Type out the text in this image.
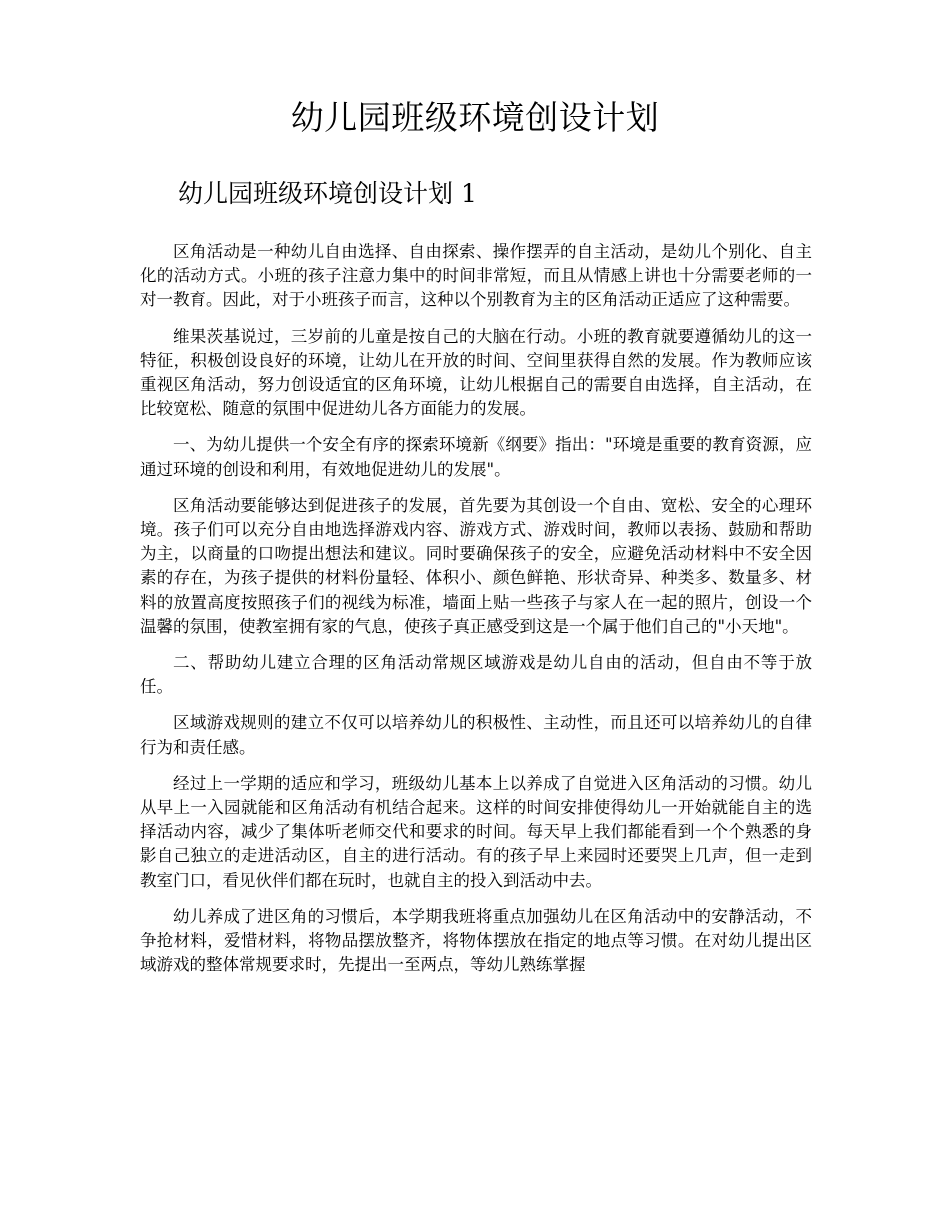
幼儿园班级环境创设计划
幼儿园班级环境创设计划 1

区角活动是一种幼儿自由选择、自由探索、操作摆弄的自主活动，是幼儿个别化、自主化的活动方式。小班的孩子注意力集中的时间非常短，而且从情感上讲也十分需要老师的一对一教育。因此，对于小班孩子而言，这种以个别教育为主的区角活动正适应了这种需要。

维果茨基说过，三岁前的儿童是按自己的大脑在行动。小班的教育就要遵循幼儿的这一特征，积极创设良好的环境，让幼儿在开放的时间、空间里获得自然的发展。作为教师应该重视区角活动，努力创设适宜的区角环境，让幼儿根据自己的需要自由选择，自主活动，在比较宽松、随意的氛围中促进幼儿各方面能力的发展。

一、为幼儿提供一个安全有序的探索环境新《纲要》指出："环境是重要的教育资源，应通过环境的创设和利用，有效地促进幼儿的发展"。

区角活动要能够达到促进孩子的发展，首先要为其创设一个自由、宽松、安全的心理环境。孩子们可以充分自由地选择游戏内容、游戏方式、游戏时间，教师以表扬、鼓励和帮助为主，以商量的口吻提出想法和建议。同时要确保孩子的安全，应避免活动材料中不安全因素的存在，为孩子提供的材料份量轻、体积小、颜色鲜艳、形状奇异、种类多、数量多、材料的放置高度按照孩子们的视线为标准，墙面上贴一些孩子与家人在一起的照片，创设一个温馨的氛围，使教室拥有家的气息，使孩子真正感受到这是一个属于他们自己的"小天地"。

二、帮助幼儿建立合理的区角活动常规区域游戏是幼儿自由的活动，但自由不等于放任。

区域游戏规则的建立不仅可以培养幼儿的积极性、主动性，而且还可以培养幼儿的自律行为和责任感。

经过上一学期的适应和学习，班级幼儿基本上以养成了自觉进入区角活动的习惯。幼儿从早上一入园就能和区角活动有机结合起来。这样的时间安排使得幼儿一开始就能自主的选择活动内容，减少了集体听老师交代和要求的时间。每天早上我们都能看到一个个熟悉的身影自己独立的走进活动区，自主的进行活动。有的孩子早上来园时还要哭上几声，但一走到教室门口，看见伙伴们都在玩时，也就自主的投入到活动中去。

幼儿养成了进区角的习惯后，本学期我班将重点加强幼儿在区角活动中的安静活动，不争抢材料，爱惜材料，将物品摆放整齐，将物体摆放在指定的地点等习惯。在对幼儿提出区域游戏的整体常规要求时，先提出一至两点，等幼儿熟练掌握
